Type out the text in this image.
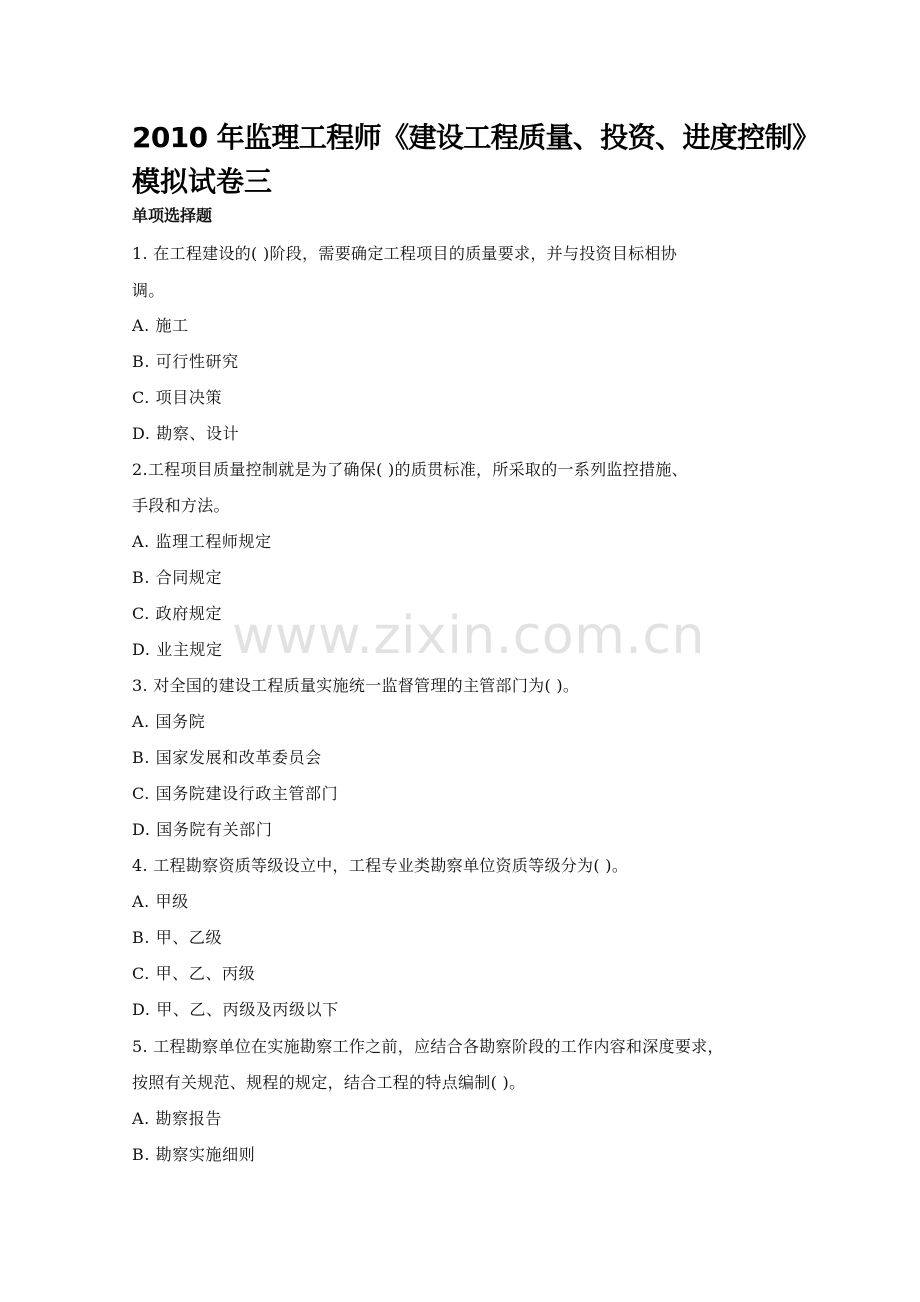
2010 年监理工程师《建设工程质量、投资、进度控制》
模拟试卷三
单项选择题
1. 在工程建设的( )阶段，需要确定工程项目的质量要求，并与投资目标相协
调。
A. 施工
B. 可行性研究
C. 项目决策
D. 勘察、设计
2.工程项目质量控制就是为了确保( )的质贯标准，所采取的一系列监控措施、
手段和方法。
A. 监理工程师规定
B. 合同规定
C. 政府规定
D. 业主规定
3. 对全国的建设工程质量实施统一监督管理的主管部门为( )。
A. 国务院
B. 国家发展和改革委员会
C. 国务院建设行政主管部门
D. 国务院有关部门
4. 工程勘察资质等级设立中，工程专业类勘察单位资质等级分为( )。
A. 甲级
B. 甲、乙级
C. 甲、乙、丙级
D. 甲、乙、丙级及丙级以下
5. 工程勘察单位在实施勘察工作之前，应结合各勘察阶段的工作内容和深度要求，
按照有关规范、规程的规定，结合工程的特点编制( )。
A. 勘察报告
B. 勘察实施细则
www.zixin.com.cn
